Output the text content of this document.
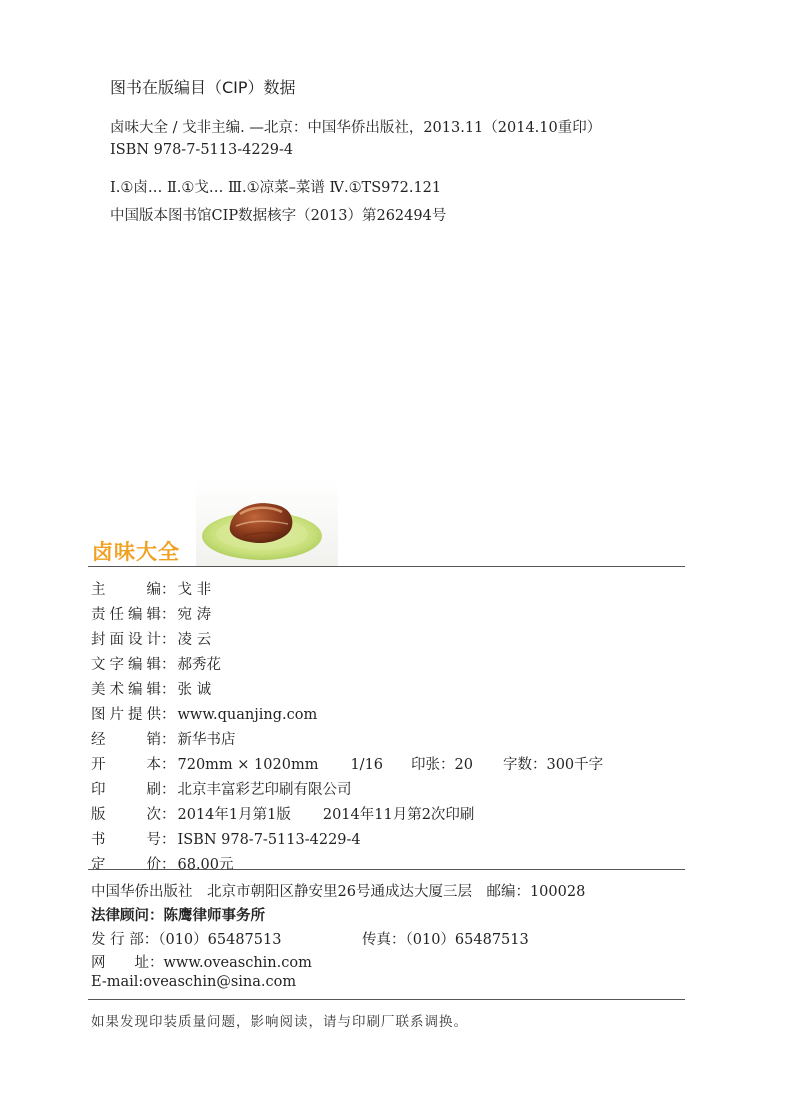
图书在版编目（CIP）数据
卤味大全 / 戈非主编. —北京：中国华侨出版社，2013.11（2014.10重印）
ISBN 978-7-5113-4229-4
Ⅰ.①卤… Ⅱ.①戈… Ⅲ.①凉菜–菜谱 Ⅳ.①TS972.121
中国版本图书馆CIP数据核字（2013）第262494号
卤味大全
主编： 戈 非
责任编辑： 宛 涛
封面设计： 凌 云
文字编辑： 郝秀花
美术编辑： 张 诚
图片提供： www.quanjing.com
经销： 新华书店
开本： 720mm × 1020mm 1/16 印张：20 字数：300千字
印刷： 北京丰富彩艺印刷有限公司
版次： 2014年1月第1版 2014年11月第2次印刷
书号： ISBN 978-7-5113-4229-4
定价： 68.00元
中国华侨出版社　北京市朝阳区静安里26号通成达大厦三层　邮编：100028
法律顾问：陈鹰律师事务所
发 行 部：（010）65487513	传真：（010）65487513
网　　址：www.oveaschin.com
E-mail:oveaschin@sina.com
如果发现印装质量问题，影响阅读，请与印刷厂联系调换。
